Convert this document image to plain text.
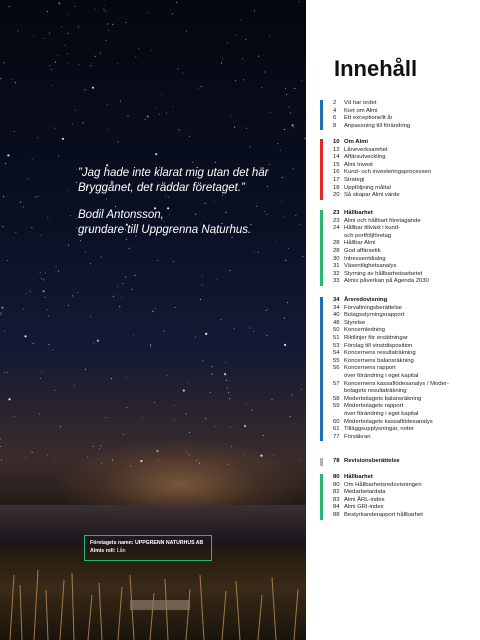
”Jag hade inte klarat mig utan det här Bryggånet, det räddar företaget.”

Bodil Antonsson,
grundare till Uppgrenna Naturhus.

Företagets namn: UPPGRENN NATURHUS AB
Almis roll: Lån
Innehåll
2	Vd har ordet
4	Kort om Almi
6	Ett exceptionellt år
8	Anpassning till förändring
10 Om Almi
12 Låneverksamhet
14 Affärsutveckling
15 Almi Invest
16 Kund- och investeringsprocessen
17 Strategi
18 Uppföljning måltal
20 Så skapar Almi värde
23 Hållbarhet
23 Almi och hållbart företagande
24 Hållbar tillväxt i kund-
och portföljföretag
28 Hållbar Almi
28 God affärsetik
30 Intressentdialog
31 Väsentlighetsanalys
32 Styrning av hållbarhetsarbetet
33 Almis påverkan på Agenda 2030
34 Årsredovisning
34 Förvaltningsberättelse
40 Bolagsstyrningsrapport
48 Styrelse
50 Koncernledning
51 Riktlinjer för ersättningar
53 Förslag till vinstdisposition
54 Koncernens resultaträkning
55 Koncernens balansräkning
56 Koncernens rapport
över förändring i eget kapital
57 Koncernens kassaflödesanalys / Moder-
bolagets resultaträkning
58 Moderbolagets balansräkning
59 Moderbolagets rapport
över förändring i eget kapital
60 Moderbolagets kassaflödesanalys
61 Tilläggsupplysningar, noter
77 Försäkran
78 Revisionsberättelse
80 Hållbarhet
80 Om Hållbarhetsredovisningen
82 Medarbetardata
83 Almi ÅRL-index
84 Almi GRI-index
88 Bestyrkanderapport hållbarhet
